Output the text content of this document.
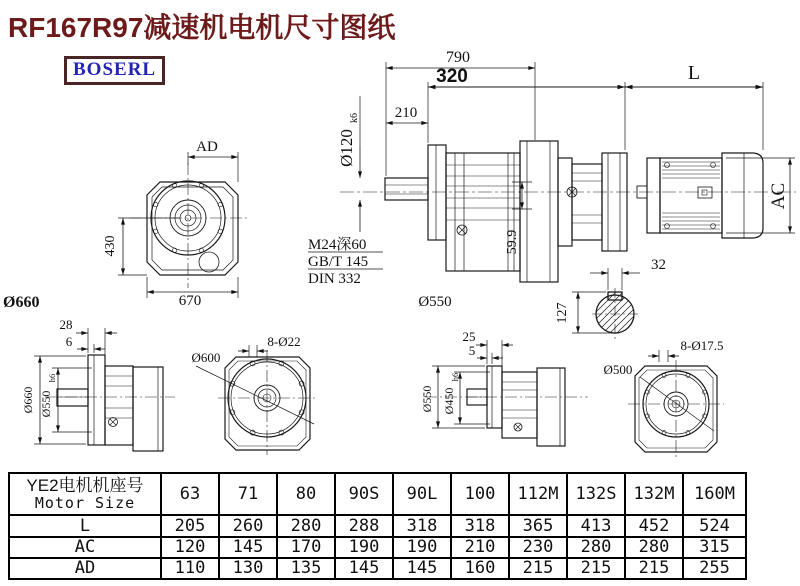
RF167R97减速机电机尺寸图纸
BOSERL
AD
430
670
790
210
320	L
AC
Ø120
k6
M24深60
GB/T 145
DIN 332
59.9
Ø550
32
127
Ø660
28
6
Ø660 Ø550
h6
Ø600
8-Ø22	25
5
Ø550 Ø450
h6	Ø500
8-Ø17.5
YE2电机机座号
Motor Size	63	71	80	90S	90L	100	112M	132S	132M	160M
L	205	260	280	288	318	318	365	413	452	524
AC	120	145	170	190	190	210	230	280	280	315
AD	110	130	135	145	145	160	215	215	215	255
